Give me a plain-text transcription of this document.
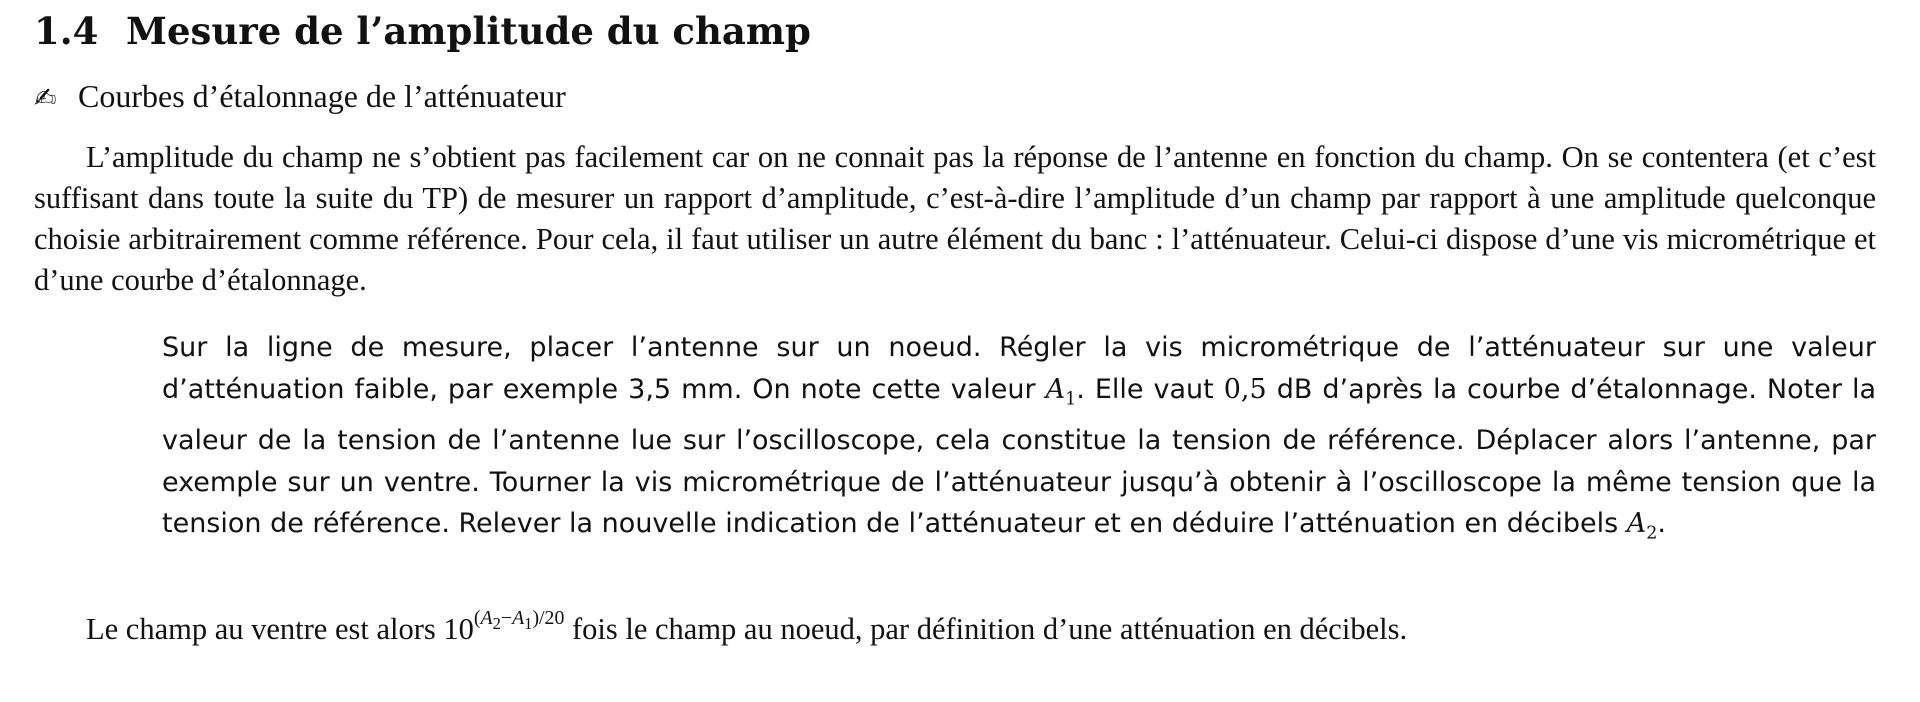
1.4 Mesure de l’amplitude du champ
✍ Courbes d’étalonnage de l’atténuateur

L’amplitude du champ ne s’obtient pas facilement car on ne connait pas la réponse de l’antenne en fonction du champ. On se contentera (et c’est suffisant dans toute la suite du TP) de mesurer un rapport d’amplitude, c’est-à-dire l’amplitude d’un champ par rapport à une amplitude quelconque choisie arbitrairement comme référence. Pour cela, il faut utiliser un autre élément du banc : l’atténuateur. Celui-ci dispose d’une vis micrométrique et d’une courbe d’étalonnage.

Sur la ligne de mesure, placer l’antenne sur un noeud. Régler la vis micrométrique de l’atténuateur sur une valeur d’atténuation faible, par exemple 3,5 mm. On note cette valeur $A_1$. Elle vaut 0,5 dB d’après la courbe d’étalonnage. Noter la valeur de la tension de l’antenne lue sur l’oscilloscope, cela constitue la tension de référence. Déplacer alors l’antenne, par exemple sur un ventre. Tourner la vis micrométrique de l’atténuateur jusqu’à obtenir à l’oscilloscope la même tension que la tension de référence. Relever la nouvelle indication de l’atténuateur et en déduire l’atténuation en décibels $A_2$.

Le champ au ventre est alors $10^{(A_2-A_1)/20}$ fois le champ au noeud, par définition d’une atténuation en décibels.
